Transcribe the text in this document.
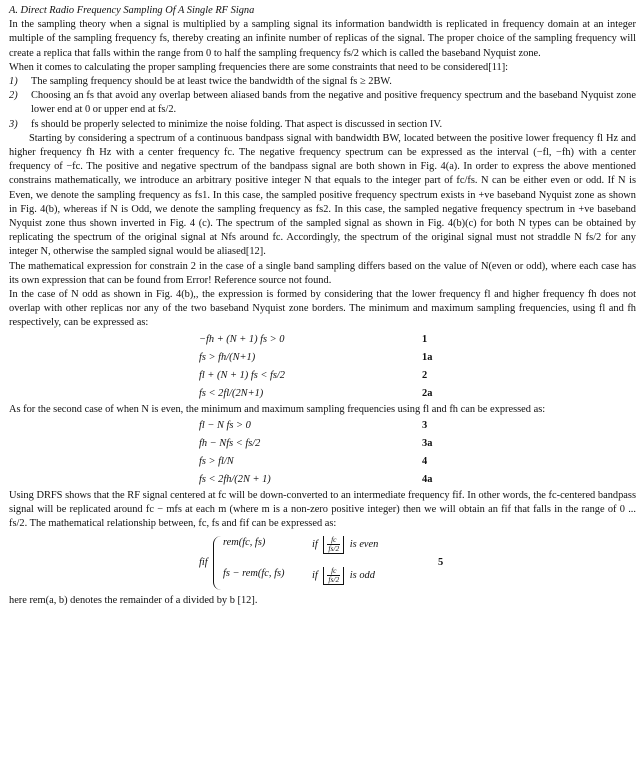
A. Direct Radio Frequency Sampling Of A Single RF Signa

In the sampling theory when a signal is multiplied by a sampling signal its information bandwidth is replicated in frequency domain at an integer multiple of the sampling frequency fs, thereby creating an infinite number of replicas of the signal. The proper choice of the sampling frequency will create a replica that falls within the range from 0 to half the sampling frequency fs/2 which is called the baseband Nyquist zone.

When it comes to calculating the proper sampling frequencies there are some constraints that need to be considered[11]:

1)	The sampling frequency should be at least twice the bandwidth of the signal fs ≥ 2BW.
2)	Choosing an fs that avoid any overlap between aliased bands from the negative and positive frequency spectrum and the baseband Nyquist zone lower end at 0 or upper end at fs/2.
3)	fs should be properly selected to minimize the noise folding. That aspect is discussed in section IV.

Starting by considering a spectrum of a continuous bandpass signal with bandwidth BW, located between the positive lower frequency fl Hz and higher frequency fh Hz with a center frequency fc. The negative frequency spectrum can be expressed as the interval (−fl, −fh) with a center frequency of −fc. The positive and negative spectrum of the bandpass signal are both shown in Fig. 4(a). In order to express the above mentioned constrains mathematically, we introduce an arbitrary positive integer N that equals to the integer part of fc/fs. N can be either even or odd. If N is Even, we denote the sampling frequency as fs1. In this case, the sampled positive frequency spectrum exists in +ve baseband Nyquist zone as shown in Fig. 4(b), whereas if N is Odd, we denote the sampling frequency as fs2. In this case, the sampled negative frequency spectrum in +ve baseband Nyquist zone thus shown inverted in Fig. 4 (c). The spectrum of the sampled signal as shown in Fig. 4(b)(c) for both N types can be obtained by replicating the spectrum of the original signal at Nfs around fc. Accordingly, the spectrum of the original signal must not straddle N fs/2 for any integer N, otherwise the sampled signal would be aliased[12].

The mathematical expression for constrain 2 in the case of a single band sampling differs based on the value of N(even or odd), where each case has its own expression that can be found from Error! Reference source not found.

In the case of N odd as shown in Fig. 4(b),, the expression is formed by considering that the lower frequency fl and higher frequency fh does not overlap with other replicas nor any of the two baseband Nyquist zone borders. The minimum and maximum sampling frequencies, using fl and fh respectively, can be expressed as:

−fh + (N + 1) fs > 0	1
fs > fh/(N+1)	1a
fl + (N + 1) fs < fs/2	2
fs < 2fl/(2N+1)	2a

As for the second case of when N is even, the minimum and maximum sampling frequencies using fl and fh can be expressed as:

fl − N fs > 0	3
fh − Nfs < fs/2	3a
fs > fl/N	4
fs < 2fh/(2N + 1)	4a

Using DRFS shows that the RF signal centered at fc will be down-converted to an intermediate frequency fif. In other words, the fc-centered bandpass signal will be replicated around fc − mfs at each m (where m is a non-zero positive integer) then we will obtain an fif that falls in the range of 0 ... fs/2. The mathematical relationship between, fc, fs and fif can be expressed as:

fif
rem(fc, fs)
fs − rem(fc, fs)
if $\frac{fc}{fs/2}$ is even
if $\frac{fc}{fs/2}$ is odd
5

here rem(a, b) denotes the remainder of a divided by b [12].
